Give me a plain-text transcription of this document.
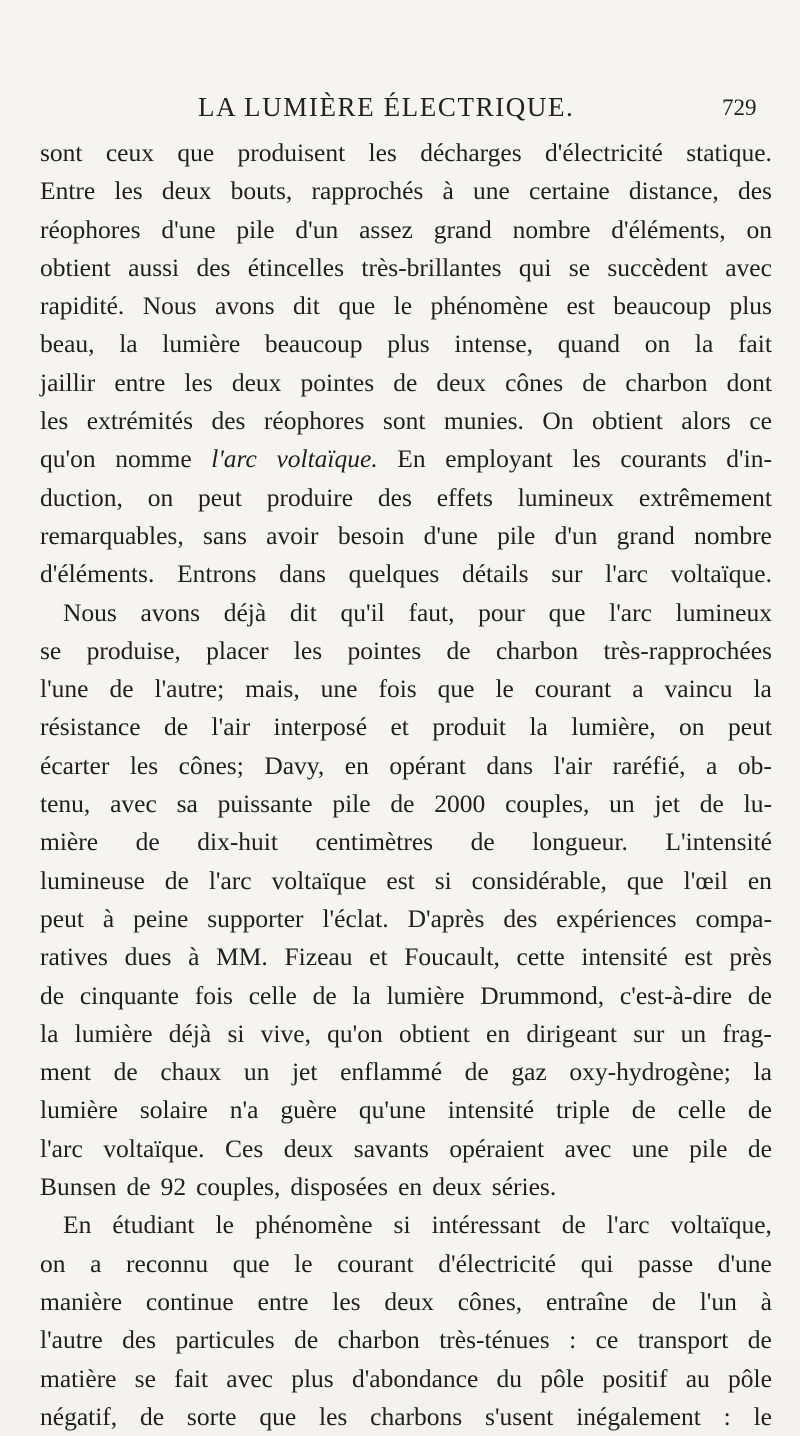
LA LUMIÈRE ÉLECTRIQUE.	729
sont ceux que produisent les décharges d'électricité statique.
Entre les deux bouts, rapprochés à une certaine distance, des
réophores d'une pile d'un assez grand nombre d'éléments, on
obtient aussi des étincelles très-brillantes qui se succèdent avec
rapidité. Nous avons dit que le phénomène est beaucoup plus
beau, la lumière beaucoup plus intense, quand on la fait
jaillir entre les deux pointes de deux cônes de charbon dont
les extrémités des réophores sont munies. On obtient alors ce
qu'on nomme l'arc voltaïque. En employant les courants d'in-
duction, on peut produire des effets lumineux extrêmement
remarquables, sans avoir besoin d'une pile d'un grand nombre
d'éléments. Entrons dans quelques détails sur l'arc voltaïque.
Nous avons déjà dit qu'il faut, pour que l'arc lumineux
se produise, placer les pointes de charbon très-rapprochées
l'une de l'autre; mais, une fois que le courant a vaincu la
résistance de l'air interposé et produit la lumière, on peut
écarter les cônes; Davy, en opérant dans l'air raréfié, a ob-
tenu, avec sa puissante pile de 2000 couples, un jet de lu-
mière de dix-huit centimètres de longueur. L'intensité
lumineuse de l'arc voltaïque est si considérable, que l'œil en
peut à peine supporter l'éclat. D'après des expériences compa-
ratives dues à MM. Fizeau et Foucault, cette intensité est près
de cinquante fois celle de la lumière Drummond, c'est-à-dire de
la lumière déjà si vive, qu'on obtient en dirigeant sur un frag-
ment de chaux un jet enflammé de gaz oxy-hydrogène; la
lumière solaire n'a guère qu'une intensité triple de celle de
l'arc voltaïque. Ces deux savants opéraient avec une pile de
Bunsen de 92 couples, disposées en deux séries.
En étudiant le phénomène si intéressant de l'arc voltaïque,
on a reconnu que le courant d'électricité qui passe d'une
manière continue entre les deux cônes, entraîne de l'un à
l'autre des particules de charbon très-ténues : ce transport de
matière se fait avec plus d'abondance du pôle positif au pôle
négatif, de sorte que les charbons s'usent inégalement : le
